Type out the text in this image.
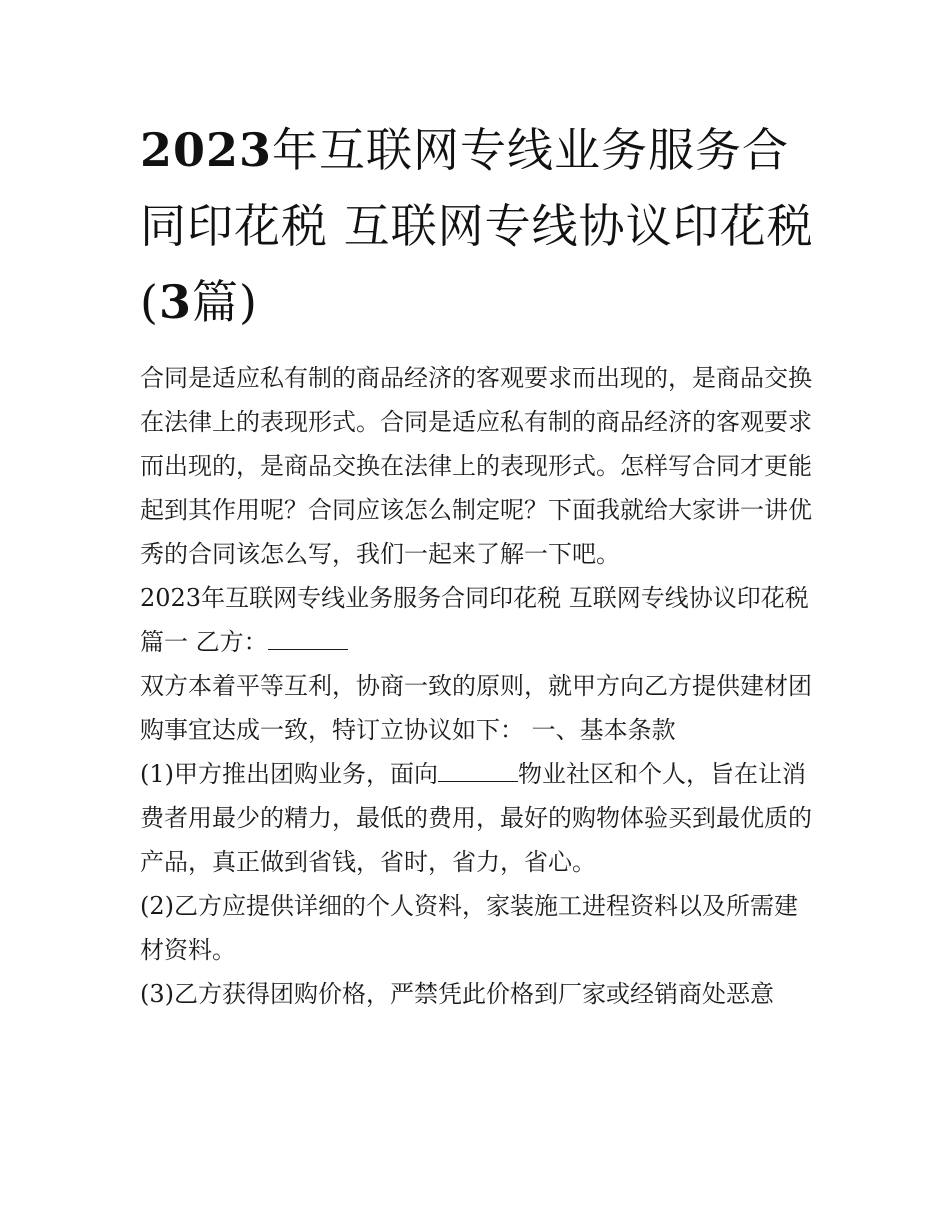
2023年互联网专线业务服务合同印花税 互联网专线协议印花税(3篇)

合同是适应私有制的商品经济的客观要求而出现的，是商品交换在法律上的表现形式。合同是适应私有制的商品经济的客观要求而出现的，是商品交换在法律上的表现形式。怎样写合同才更能起到其作用呢？合同应该怎么制定呢？下面我就给大家讲一讲优秀的合同该怎么写，我们一起来了解一下吧。

2023年互联网专线业务服务合同印花税 互联网专线协议印花税篇一 乙方：

双方本着平等互利，协商一致的原则，就甲方向乙方提供建材团购事宜达成一致，特订立协议如下： 一、基本条款

(1)甲方推出团购业务，面向	物业社区和个人，旨在让消费者用最少的精力，最低的费用，最好的购物体验买到最优质的产品，真正做到省钱，省时，省力，省心。

(2)乙方应提供详细的个人资料，家装施工进程资料以及所需建材资料。

(3)乙方获得团购价格，严禁凭此价格到厂家或经销商处恶意
